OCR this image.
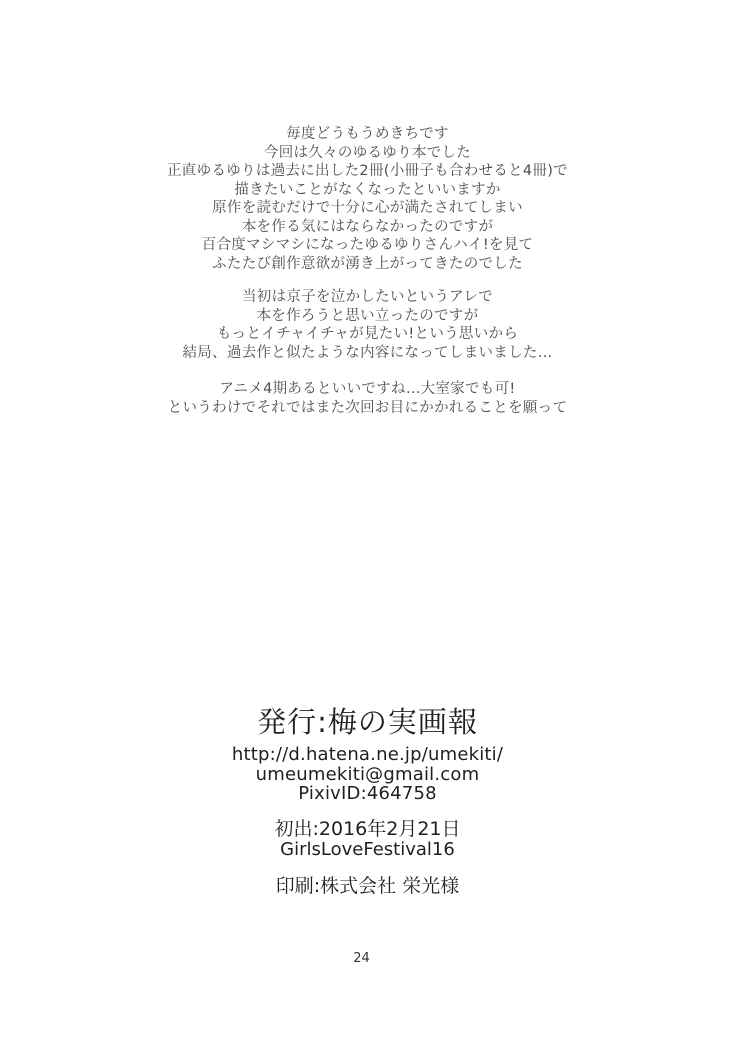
毎度どうもうめきちです
今回は久々のゆるゆり本でした
正直ゆるゆりは過去に出した2冊(小冊子も合わせると4冊)で
描きたいことがなくなったといいますか
原作を読むだけで十分に心が満たされてしまい
本を作る気にはならなかったのですが
百合度マシマシになったゆるゆりさんハイ!を見て
ふたたび創作意欲が湧き上がってきたのでした
当初は京子を泣かしたいというアレで
本を作ろうと思い立ったのですが
もっとイチャイチャが見たい!という思いから
結局、過去作と似たような内容になってしまいました…
アニメ4期あるといいですね…大室家でも可!
というわけでそれではまた次回お目にかかれることを願って
発行:梅の実画報
http://d.hatena.ne.jp/umekiti/
umeumekiti@gmail.com
PixivID:464758
初出:2016年2月21日
GirlsLoveFestival16
印刷:株式会社 栄光様
24
